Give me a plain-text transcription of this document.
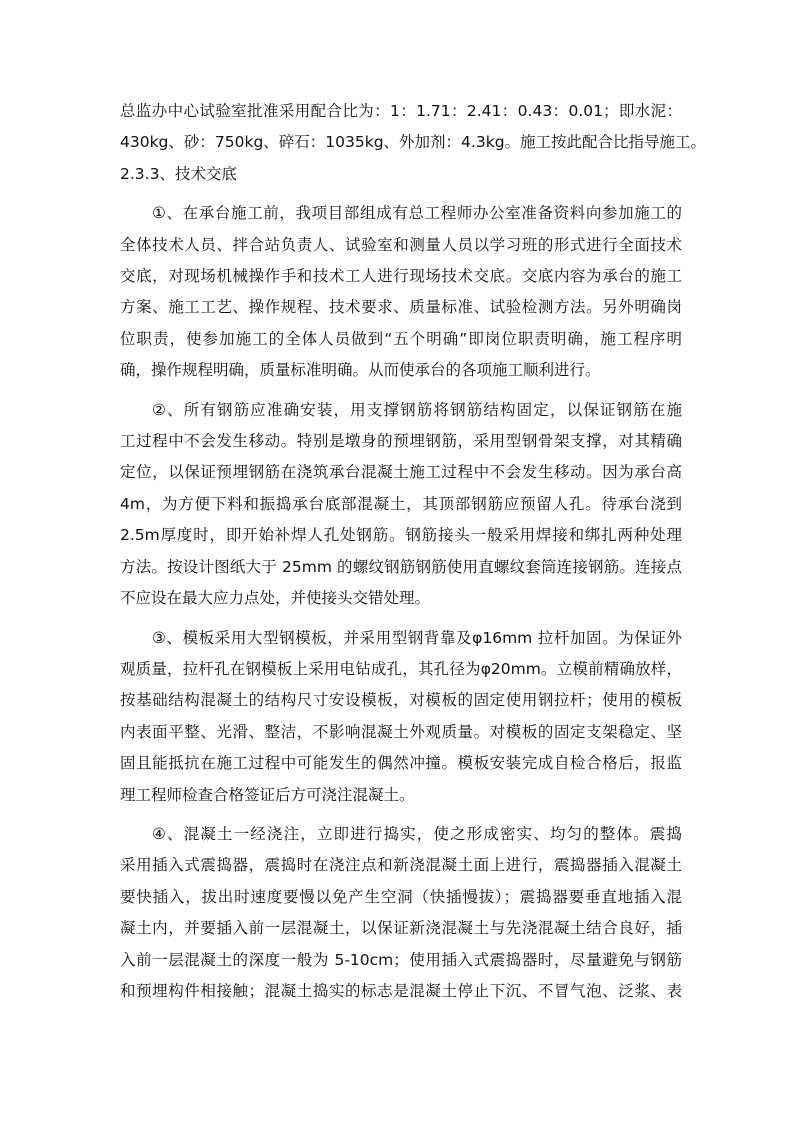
总监办中心试验室批准采用配合比为：1：1.71：2.41：0.43：0.01；即水泥：
430kg、砂：750kg、碎石：1035kg、外加剂：4.3kg。施工按此配合比指导施工。
2.3.3、技术交底
①、在承台施工前，我项目部组成有总工程师办公室准备资料向参加施工的
全体技术人员、拌合站负责人、试验室和测量人员以学习班的形式进行全面技术
交底，对现场机械操作手和技术工人进行现场技术交底。交底内容为承台的施工
方案、施工工艺、操作规程、技术要求、质量标准、试验检测方法。另外明确岗
位职责，使参加施工的全体人员做到“五个明确”即岗位职责明确，施工程序明
确，操作规程明确，质量标准明确。从而使承台的各项施工顺利进行。
②、所有钢筋应准确安装，用支撑钢筋将钢筋结构固定，以保证钢筋在施
工过程中不会发生移动。特别是墩身的预埋钢筋，采用型钢骨架支撑，对其精确
定位，以保证预埋钢筋在浇筑承台混凝土施工过程中不会发生移动。因为承台高
4m，为方便下料和振捣承台底部混凝土，其顶部钢筋应预留人孔。待承台浇到
2.5m厚度时，即开始补焊人孔处钢筋。钢筋接头一般采用焊接和绑扎两种处理
方法。按设计图纸大于 25mm 的螺纹钢筋钢筋使用直螺纹套筒连接钢筋。连接点
不应设在最大应力点处，并使接头交错处理。
③、模板采用大型钢模板，并采用型钢背靠及φ16mm 拉杆加固。为保证外
观质量，拉杆孔在钢模板上采用电钻成孔，其孔径为φ20mm。立模前精确放样，
按基础结构混凝土的结构尺寸安设模板，对模板的固定使用钢拉杆；使用的模板
内表面平整、光滑、整洁，不影响混凝土外观质量。对模板的固定支架稳定、坚
固且能抵抗在施工过程中可能发生的偶然冲撞。模板安装完成自检合格后，报监
理工程师检查合格签证后方可浇注混凝土。
④、混凝土一经浇注，立即进行捣实，使之形成密实、均匀的整体。震捣
采用插入式震捣器，震捣时在浇注点和新浇混凝土面上进行，震捣器插入混凝土
要快插入，拔出时速度要慢以免产生空洞（快插慢拔）；震捣器要垂直地插入混
凝土内，并要插入前一层混凝土，以保证新浇混凝土与先浇混凝土结合良好，插
入前一层混凝土的深度一般为 5-10cm；使用插入式震捣器时，尽量避免与钢筋
和预埋构件相接触；混凝土捣实的标志是混凝土停止下沉、不冒气泡、泛浆、表
